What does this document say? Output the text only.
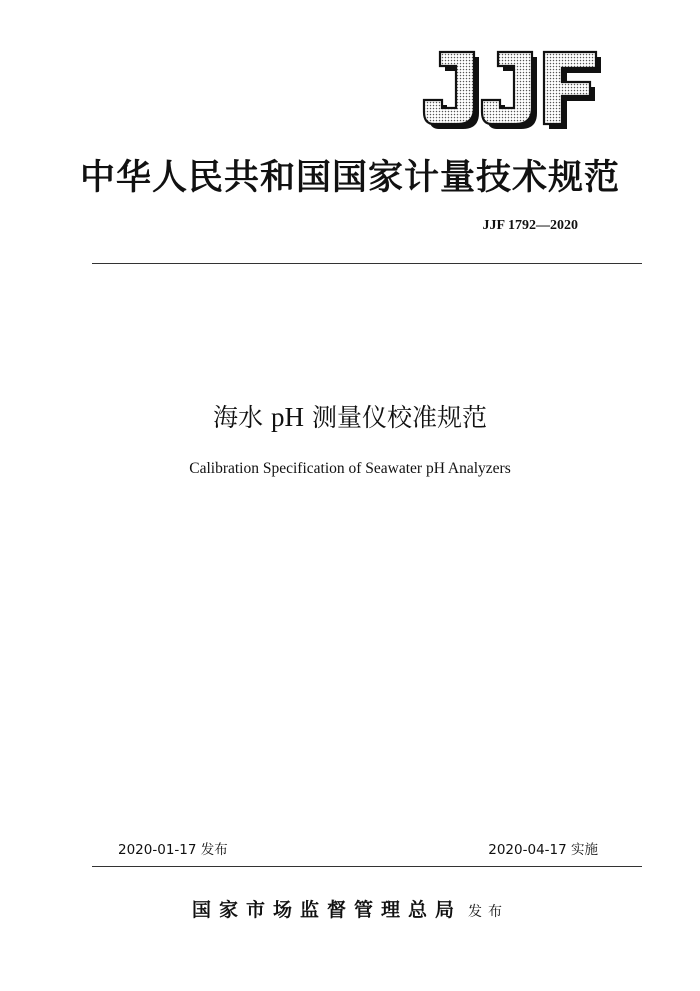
中华人民共和国国家计量技术规范
JJF 1792—2020
海水 pH 测量仪校准规范
Calibration Specification of Seawater pH Analyzers
2020-01-17 发布	2020-04-17 实施
国家市场监督管理总局 发布
